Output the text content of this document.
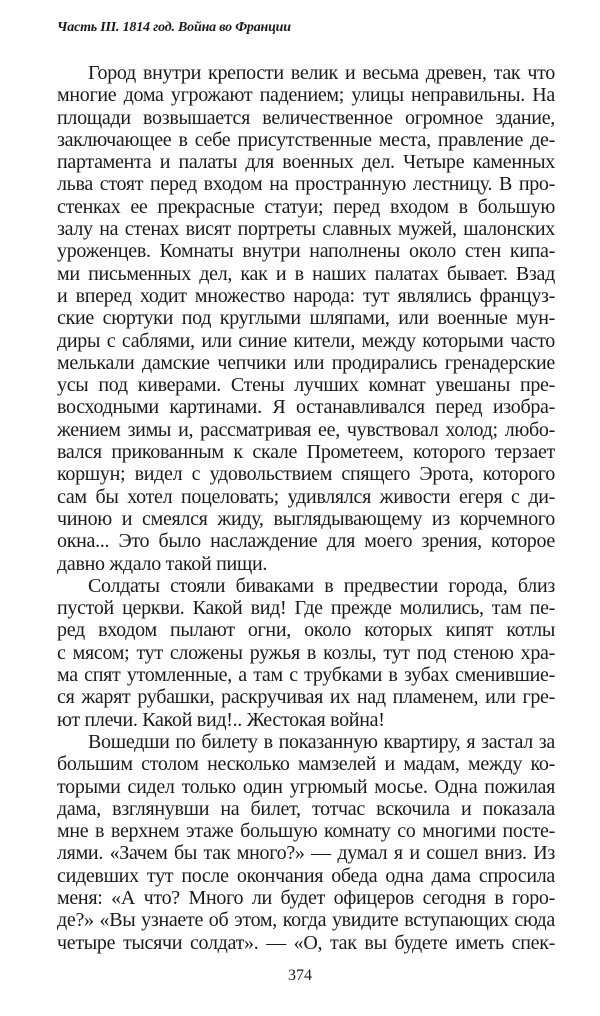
Часть III. 1814 год. Война во Франции
Город внутри крепости велик и весьма древен, так что
многие дома угрожают падением; улицы неправильны. На
площади возвышается величественное огромное здание,
заключающее в себе присутственные места, правление де-
партамента и палаты для военных дел. Четыре каменных
льва стоят перед входом на пространную лестницу. В про-
стенках ее прекрасные статуи; перед входом в большую
залу на стенах висят портреты славных мужей, шалонских
уроженцев. Комнаты внутри наполнены около стен кипа-
ми письменных дел, как и в наших палатах бывает. Взад
и вперед ходит множество народа: тут являлись француз-
ские сюртуки под круглыми шляпами, или военные мун-
диры с саблями, или синие кители, между которыми часто
мелькали дамские чепчики или продирались гренадерские
усы под киверами. Стены лучших комнат увешаны пре-
восходными картинами. Я останавливался перед изобра-
жением зимы и, рассматривая ее, чувствовал холод; любо-
вался прикованным к скале Прометеем, которого терзает
коршун; видел с удовольствием спящего Эрота, которого
сам бы хотел поцеловать; удивлялся живости егеря с ди-
чиною и смеялся жиду, выглядывающему из корчемного
окна... Это было наслаждение для моего зрения, которое
давно ждало такой пищи.
Солдаты стояли биваками в предвестии города, близ
пустой церкви. Какой вид! Где прежде молились, там пе-
ред входом пылают огни, около которых кипят котлы
с мясом; тут сложены ружья в козлы, тут под стеною хра-
ма спят утомленные, а там с трубками в зубах сменившие-
ся жарят рубашки, раскручивая их над пламенем, или гре-
ют плечи. Какой вид!.. Жестокая война!
Вошедши по билету в показанную квартиру, я застал за
большим столом несколько мамзелей и мадам, между ко-
торыми сидел только один угрюмый мосье. Одна пожилая
дама, взглянувши на билет, тотчас вскочила и показала
мне в верхнем этаже большую комнату со многими посте-
лями. «Зачем бы так много?» — думал я и сошел вниз. Из
сидевших тут после окончания обеда одна дама спросила
меня: «А что? Много ли будет офицеров сегодня в горо-
де?» «Вы узнаете об этом, когда увидите вступающих сюда
четыре тысячи солдат». — «О, так вы будете иметь спек-
374
